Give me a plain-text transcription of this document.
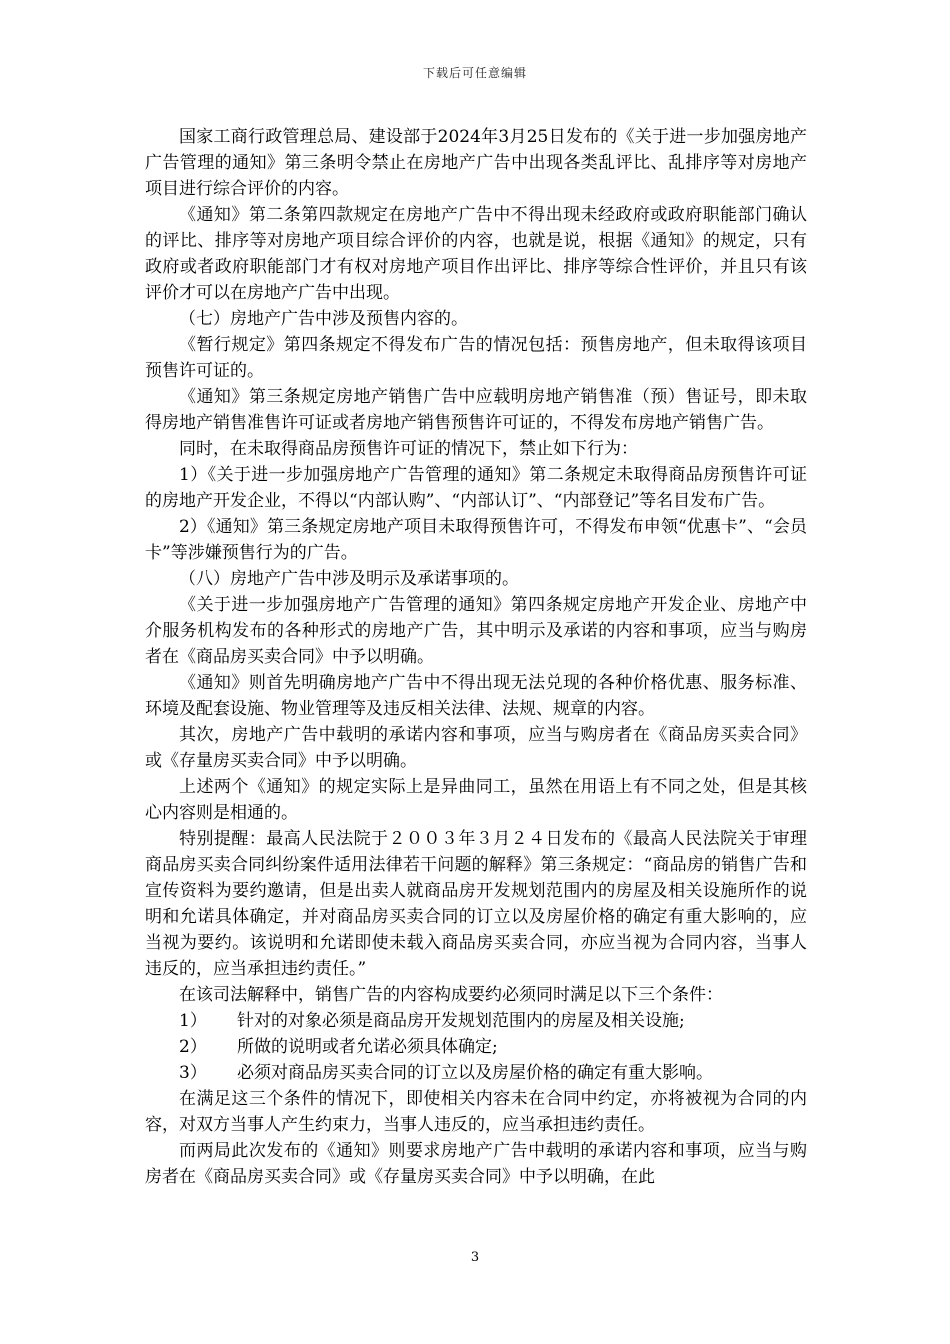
下载后可任意编辑

国家工商行政管理总局、建设部于2024年3月25日发布的《关于进一步加强房地产广告管理的通知》第三条明令禁止在房地产广告中出现各类乱评比、乱排序等对房地产项目进行综合评价的内容。

《通知》第二条第四款规定在房地产广告中不得出现未经政府或政府职能部门确认的评比、排序等对房地产项目综合评价的内容，也就是说，根据《通知》的规定，只有政府或者政府职能部门才有权对房地产项目作出评比、排序等综合性评价，并且只有该评价才可以在房地产广告中出现。

（七）房地产广告中涉及预售内容的。

《暂行规定》第四条规定不得发布广告的情况包括：预售房地产，但未取得该项目预售许可证的。

《通知》第三条规定房地产销售广告中应载明房地产销售准（预）售证号，即未取得房地产销售准售许可证或者房地产销售预售许可证的，不得发布房地产销售广告。

同时，在未取得商品房预售许可证的情况下，禁止如下行为：

1）《关于进一步加强房地产广告管理的通知》第二条规定未取得商品房预售许可证的房地产开发企业，不得以“内部认购”、“内部认订”、“内部登记”等名目发布广告。

2）《通知》第三条规定房地产项目未取得预售许可，不得发布申领“优惠卡”、“会员卡”等涉嫌预售行为的广告。

（八）房地产广告中涉及明示及承诺事项的。

《关于进一步加强房地产广告管理的通知》第四条规定房地产开发企业、房地产中介服务机构发布的各种形式的房地产广告，其中明示及承诺的内容和事项，应当与购房者在《商品房买卖合同》中予以明确。

《通知》则首先明确房地产广告中不得出现无法兑现的各种价格优惠、服务标准、环境及配套设施、物业管理等及违反相关法律、法规、规章的内容。

其次，房地产广告中载明的承诺内容和事项，应当与购房者在《商品房买卖合同》或《存量房买卖合同》中予以明确。

上述两个《通知》的规定实际上是异曲同工，虽然在用语上有不同之处，但是其核心内容则是相通的。

特别提醒：最高人民法院于２００３年３月２４日发布的《最高人民法院关于审理商品房买卖合同纠纷案件适用法律若干问题的解释》第三条规定：“商品房的销售广告和宣传资料为要约邀请，但是出卖人就商品房开发规划范围内的房屋及相关设施所作的说明和允诺具体确定，并对商品房买卖合同的订立以及房屋价格的确定有重大影响的，应当视为要约。该说明和允诺即使未载入商品房买卖合同，亦应当视为合同内容，当事人违反的，应当承担违约责任。”

在该司法解释中，销售广告的内容构成要约必须同时满足以下三个条件：

1） 针对的对象必须是商品房开发规划范围内的房屋及相关设施;

2） 所做的说明或者允诺必须具体确定;

3） 必须对商品房买卖合同的订立以及房屋价格的确定有重大影响。

在满足这三个条件的情况下，即使相关内容未在合同中约定，亦将被视为合同的内容，对双方当事人产生约束力，当事人违反的，应当承担违约责任。

而两局此次发布的《通知》则要求房地产广告中载明的承诺内容和事项，应当与购房者在《商品房买卖合同》或《存量房买卖合同》中予以明确，在此

3
